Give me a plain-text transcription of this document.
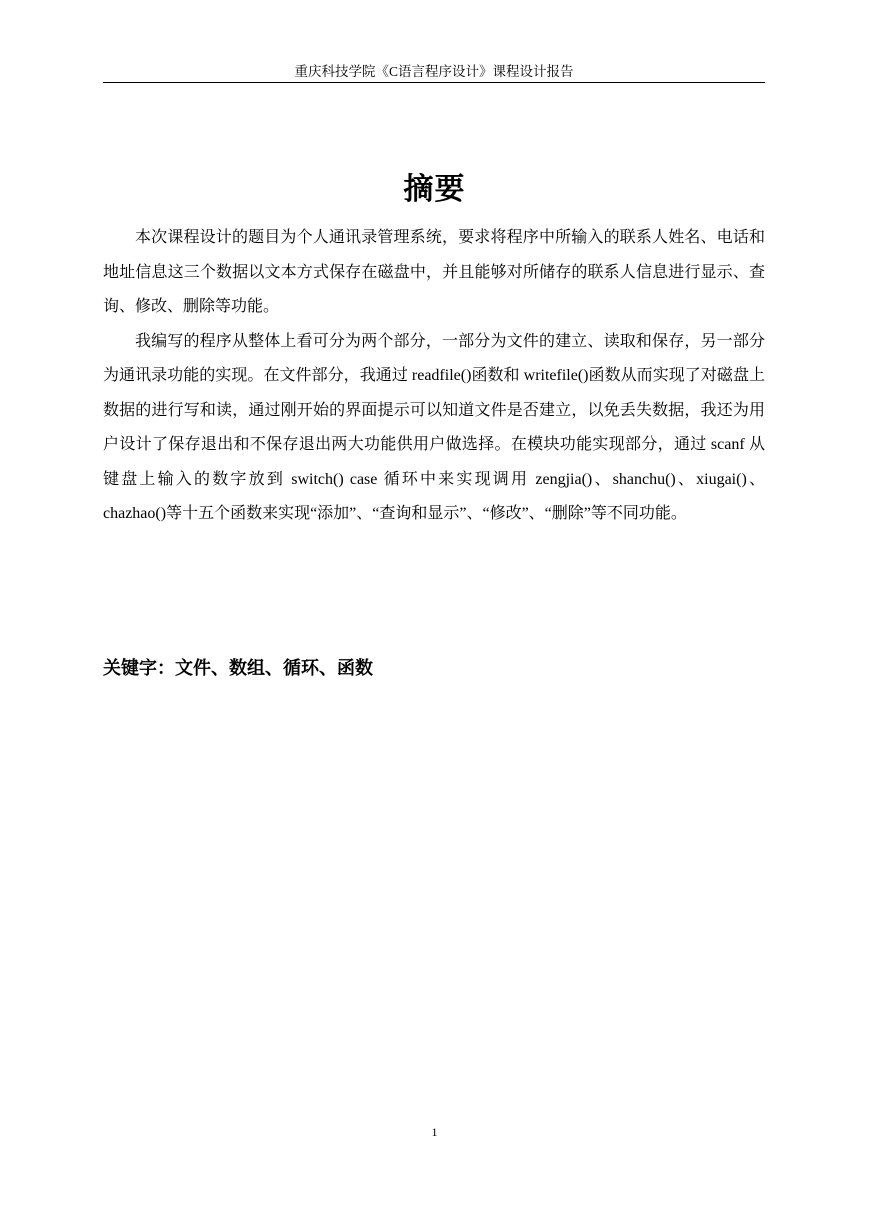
重庆科技学院《C语言程序设计》课程设计报告
摘要

本次课程设计的题目为个人通讯录管理系统，要求将程序中所输入的联系人姓名、电话和地址信息这三个数据以文本方式保存在磁盘中，并且能够对所储存的联系人信息进行显示、查询、修改、删除等功能。

我编写的程序从整体上看可分为两个部分，一部分为文件的建立、读取和保存，另一部分为通讯录功能的实现。在文件部分，我通过 readfile()函数和 writefile()函数从而实现了对磁盘上数据的进行写和读，通过刚开始的界面提示可以知道文件是否建立，以免丢失数据，我还为用户设计了保存退出和不保存退出两大功能供用户做选择。在模块功能实现部分，通过 scanf 从键盘上输入的数字放到 switch() case 循环中来实现调用 zengjia()、shanchu()、xiugai()、chazhao()等十五个函数来实现“添加”、“查询和显示”、“修改”、“删除”等不同功能。

关键字：文件、数组、循环、函数
1
